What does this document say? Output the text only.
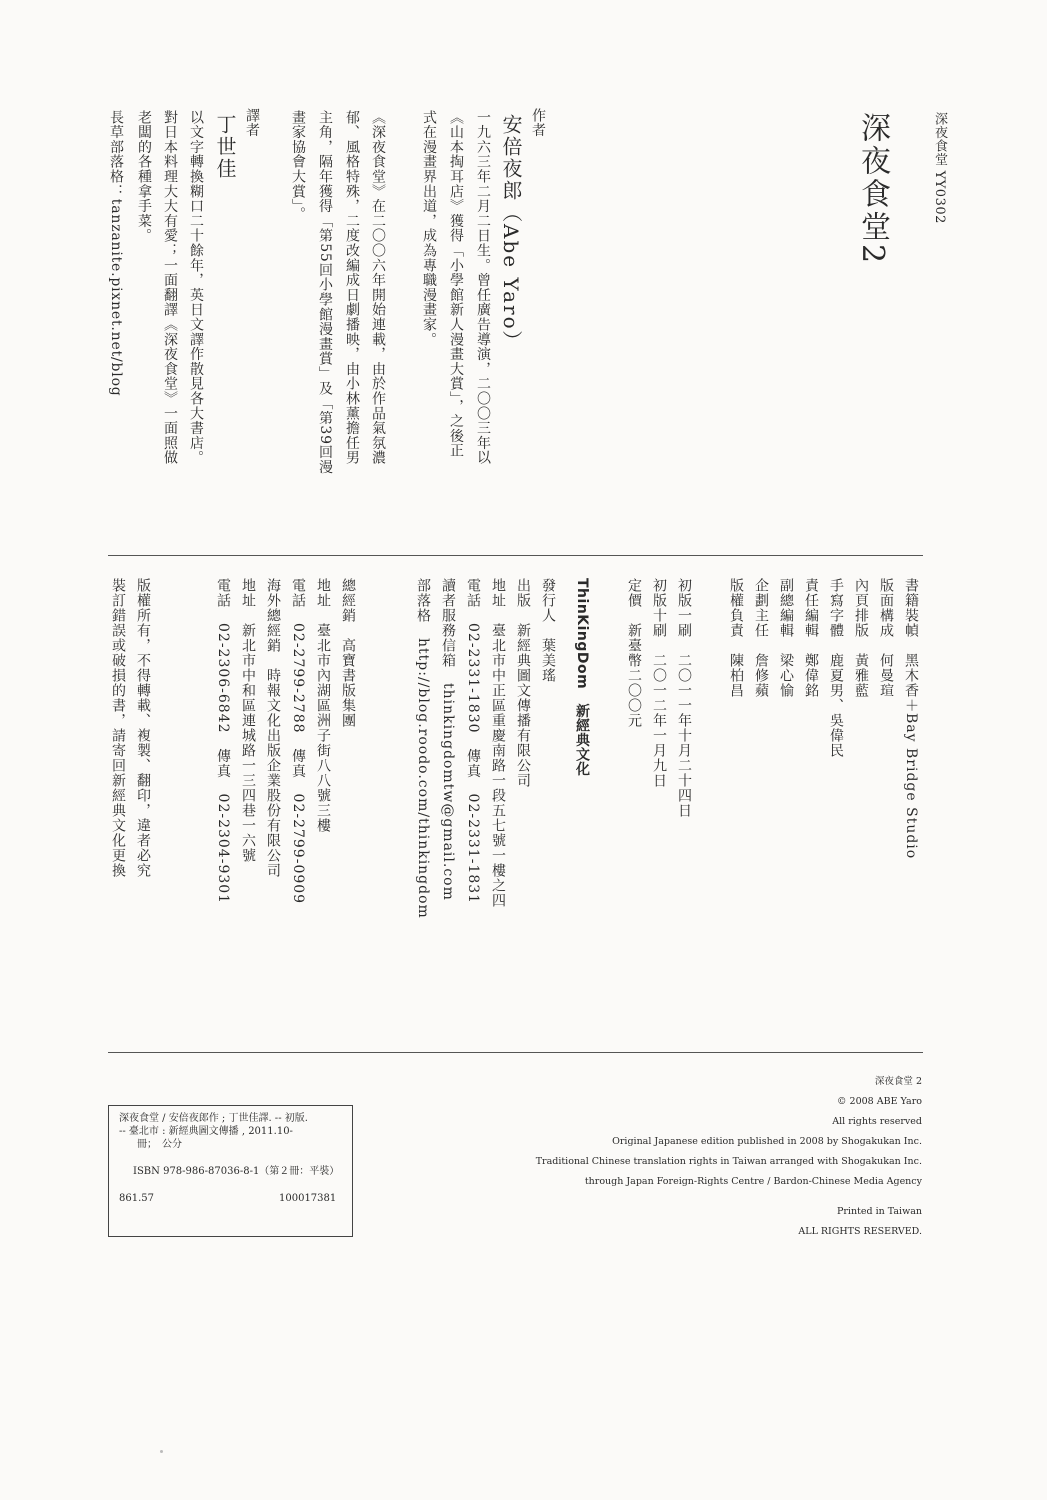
深夜食堂2	深夜食堂 YY0302
作者
安倍夜郎（Abe Yaro）
一九六三年二月二日生。曾任廣告導演，二〇〇三年以
《山本掏耳店》獲得「小學館新人漫畫大賞」，之後正
式在漫畫界出道，成為專職漫畫家。
《深夜食堂》在二〇〇六年開始連載，由於作品氣氛濃
郁、風格特殊，二度改編成日劇播映，由小林薰擔任男
主角，隔年獲得「第55回小學館漫畫賞」及「第39回漫
畫家協會大賞」。
譯者
丁世佳
以文字轉換糊口二十餘年，英日文譯作散見各大書店。
對日本料理大大有愛；一面翻譯《深夜食堂》一面照做
老闆的各種拿手菜。
長草部落格：tanzanite.pixnet.net/blog
書籍裝幀　黑木香＋Bay Bridge Studio
版面構成　何曼瑄
內頁排版　黃雅藍
手寫字體　鹿夏男、吳偉民
責任編輯　鄭偉銘
副總編輯　梁心愉
企劃主任　詹修蘋
版權負責　陳柏昌
初版一刷　二〇一一年十月二十四日
初版十刷　二〇一二年一月九日
定價　新臺幣二〇〇元
ThinKingDom　新經典文化
發行人　葉美瑤
出版　新經典圖文傳播有限公司
地址　臺北市中正區重慶南路一段五七號一樓之四
電話　02-2331-1830　傳真　02-2331-1831
讀者服務信箱　thinkingdomtw@gmail.com
部落格　http://blog.roodo.com/thinkingdom
總經銷　高寶書版集團
地址　臺北市內湖區洲子街八八號三樓
電話　02-2799-2788　傳真　02-2799-0909
海外總經銷　時報文化出版企業股份有限公司
地址　新北市中和區連城路一三四巷一六號
電話　02-2306-6842　傳真　02-2304-9301
版權所有，不得轉載、複製、翻印，違者必究
裝訂錯誤或破損的書，請寄回新經典文化更換
深夜食堂 / 安倍夜郎作 ; 丁世佳譯. -- 初版.
-- 臺北市 : 新經典圖文傳播 , 2011.10-
冊；　公分
ISBN 978-986-87036-8-1（第２冊：平裝）
861.57	100017381
深夜食堂 2
© 2008 ABE Yaro
All rights reserved
Original Japanese edition published in 2008 by Shogakukan Inc.
Traditional Chinese translation rights in Taiwan arranged with Shogakukan Inc.
through Japan Foreign-Rights Centre / Bardon-Chinese Media Agency
Printed in Taiwan
ALL RIGHTS RESERVED.
